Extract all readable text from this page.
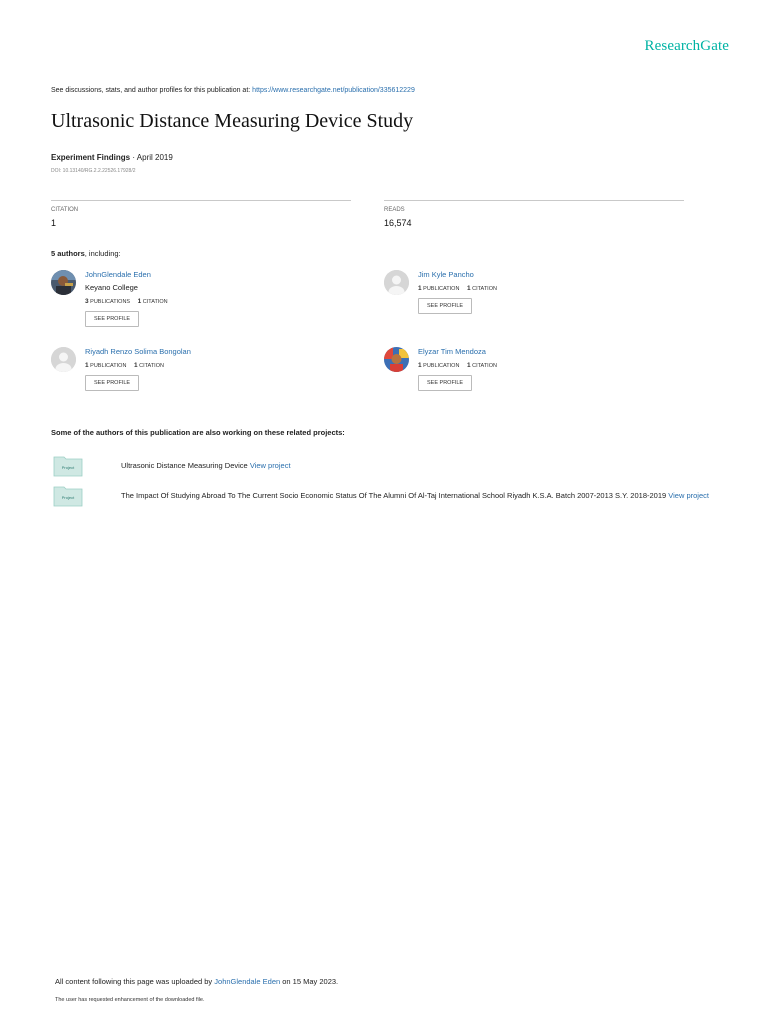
ResearchGate
See discussions, stats, and author profiles for this publication at: https://www.researchgate.net/publication/335612229
Ultrasonic Distance Measuring Device Study
Experiment Findings · April 2019
DOI: 10.13140/RG.2.2.22526.17928/2
CITATION
1
READS
16,574
5 authors, including:
JohnGlendale Eden
Keyano College
3 PUBLICATIONS 1 CITATION
SEE PROFILE
Jim Kyle Pancho
1 PUBLICATION 1 CITATION
SEE PROFILE
Riyadh Renzo Solima Bongolan
1 PUBLICATION 1 CITATION
SEE PROFILE
Elyzar Tim Mendoza
1 PUBLICATION 1 CITATION
SEE PROFILE
Some of the authors of this publication are also working on these related projects:
Project	Ultrasonic Distance Measuring Device View project
Project	The Impact Of Studying Abroad To The Current Socio Economic Status Of The Alumni Of Al-Taj International School Riyadh K.S.A. Batch 2007-2013 S.Y. 2018-2019 View project
All content following this page was uploaded by JohnGlendale Eden on 15 May 2023.
The user has requested enhancement of the downloaded file.
